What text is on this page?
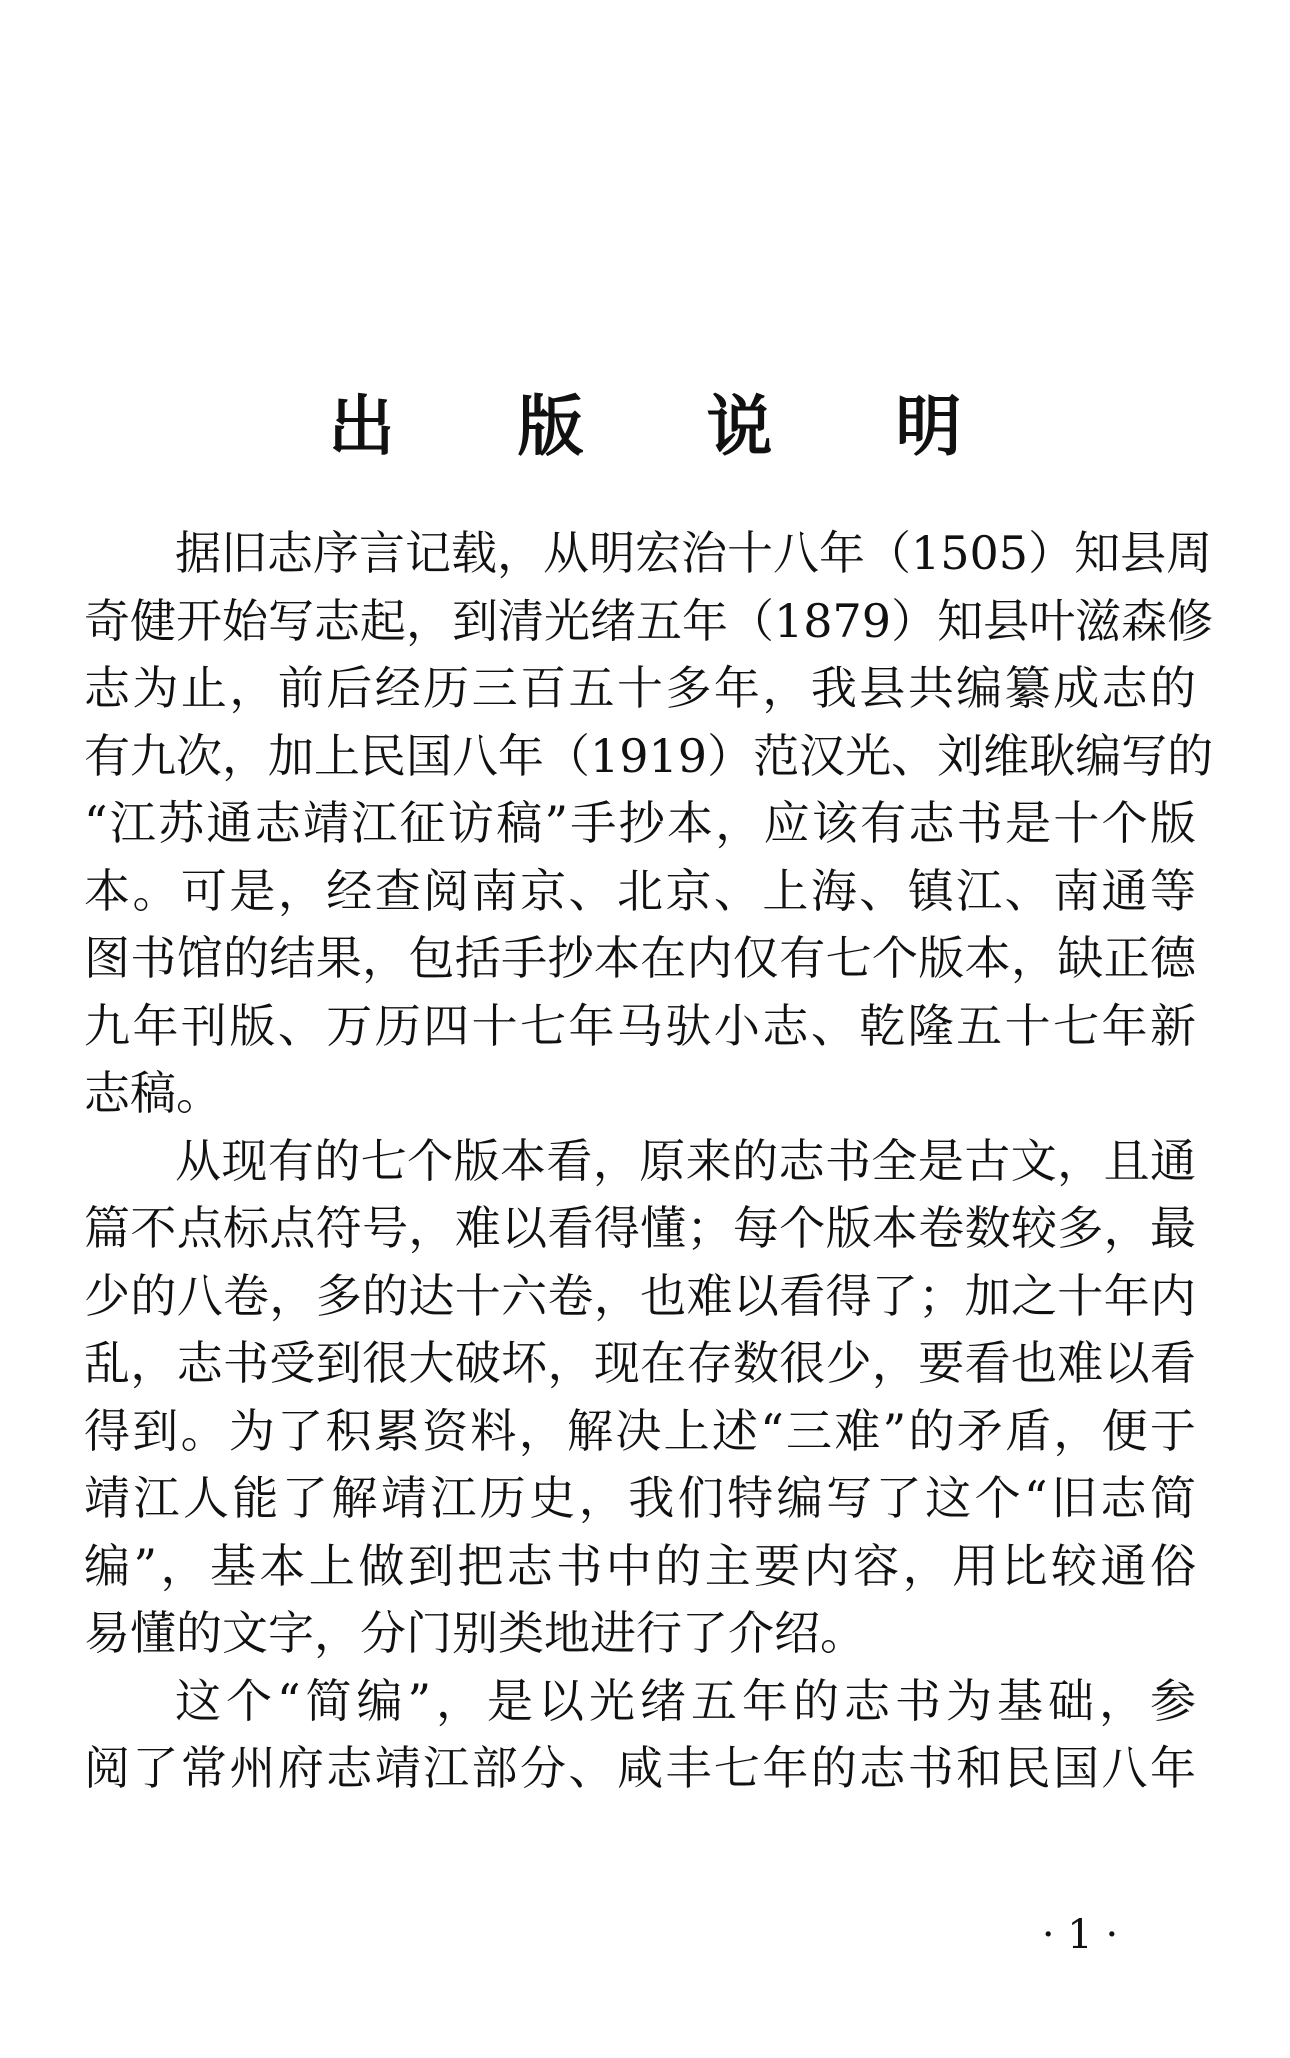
出 版 说 明
据旧志序言记载，从明宏治十八年（1505）知县周
奇健开始写志起，到清光绪五年（1879）知县叶滋森修
志为止，前后经历三百五十多年，我县共编纂成志的
有九次，加上民国八年（1919）范汉光、刘维耿编写的
“江苏通志靖江征访稿”手抄本，应该有志书是十个版
本。可是，经查阅南京、北京、上海、镇江、南通等
图书馆的结果，包括手抄本在内仅有七个版本，缺正德
九年刊版、万历四十七年马驮小志、乾隆五十七年新
志稿。
从现有的七个版本看，原来的志书全是古文，且通
篇不点标点符号，难以看得懂；每个版本卷数较多，最
少的八卷，多的达十六卷，也难以看得了；加之十年内
乱，志书受到很大破坏，现在存数很少，要看也难以看
得到。为了积累资料，解决上述“三难”的矛盾，便于
靖江人能了解靖江历史，我们特编写了这个“旧志简
编”，基本上做到把志书中的主要内容，用比较通俗
易懂的文字，分门别类地进行了介绍。
这个“简编”，是以光绪五年的志书为基础，参
阅了常州府志靖江部分、咸丰七年的志书和民国八年
· 1 ·
